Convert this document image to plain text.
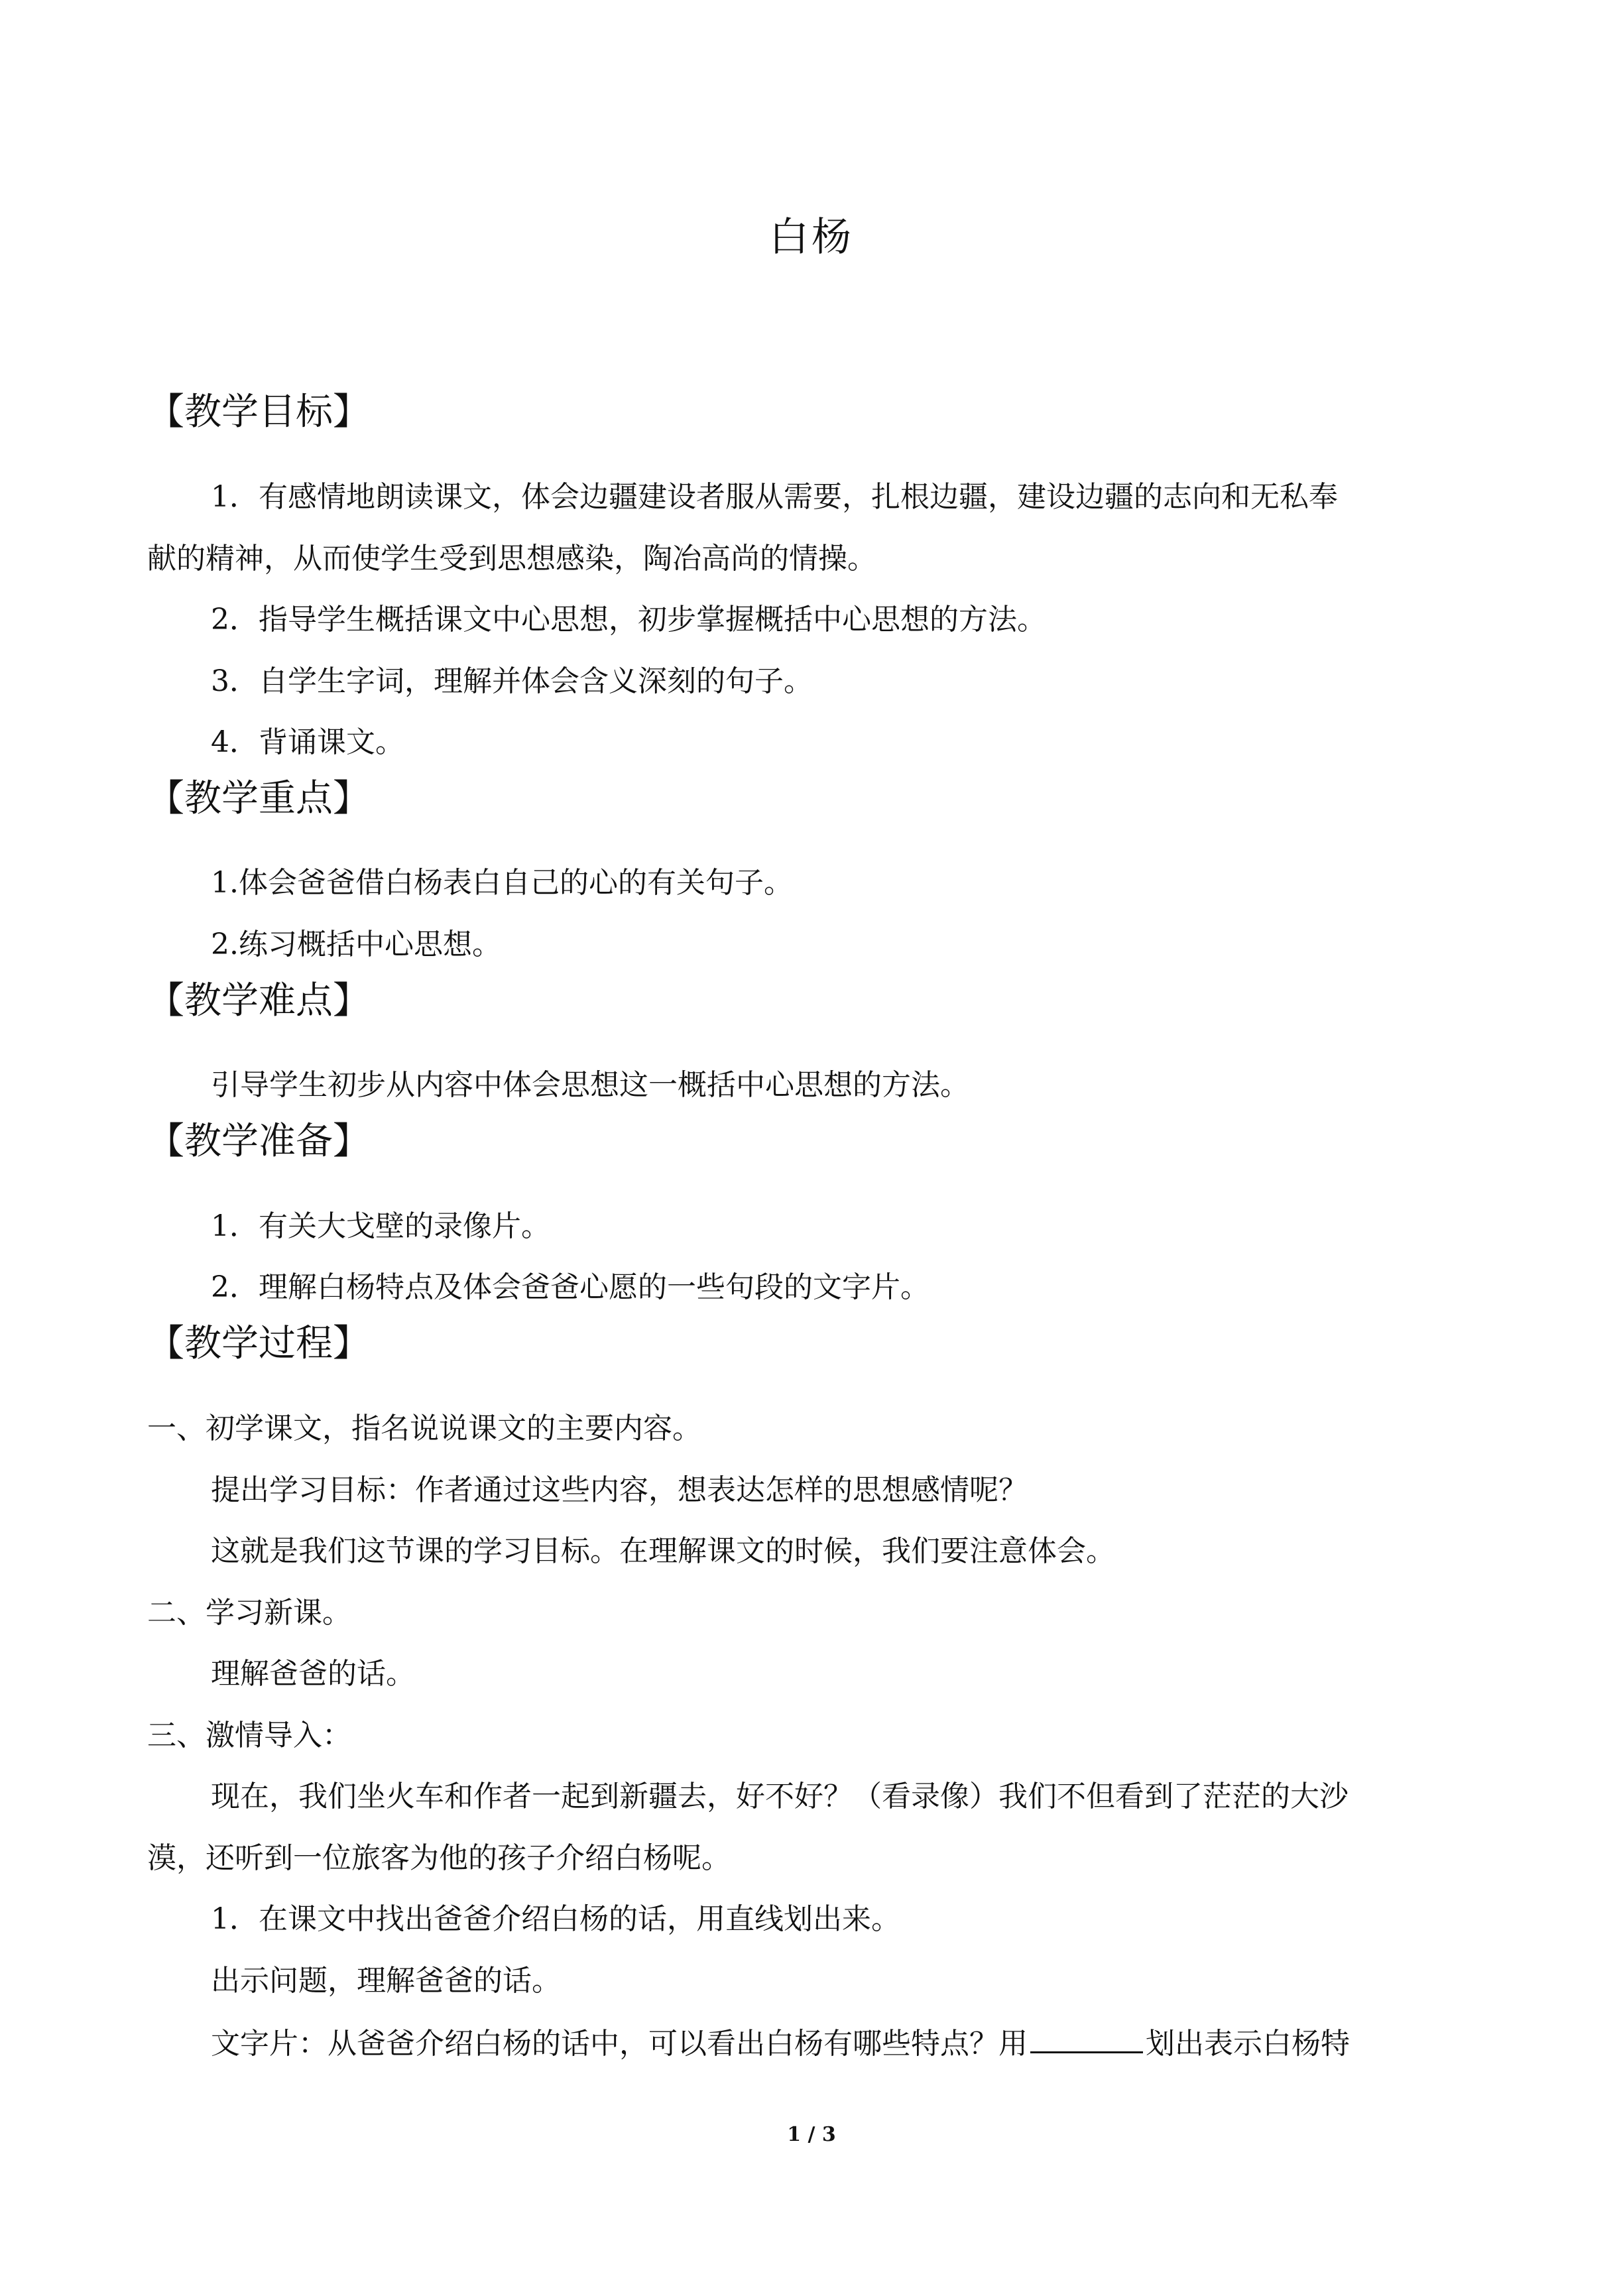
白杨
【教学目标】
1．有感情地朗读课文，体会边疆建设者服从需要，扎根边疆，建设边疆的志向和无私奉
献的精神，从而使学生受到思想感染，陶冶高尚的情操。
2．指导学生概括课文中心思想，初步掌握概括中心思想的方法。
3．自学生字词，理解并体会含义深刻的句子。
4．背诵课文。
【教学重点】
1.体会爸爸借白杨表白自己的心的有关句子。
2.练习概括中心思想。
【教学难点】
引导学生初步从内容中体会思想这一概括中心思想的方法。
【教学准备】
1．有关大戈壁的录像片。
2．理解白杨特点及体会爸爸心愿的一些句段的文字片。
【教学过程】
一、初学课文，指名说说课文的主要内容。
提出学习目标：作者通过这些内容，想表达怎样的思想感情呢？
这就是我们这节课的学习目标。在理解课文的时候，我们要注意体会。
二、学习新课。
理解爸爸的话。
三、激情导入：
现在，我们坐火车和作者一起到新疆去，好不好？（看录像）我们不但看到了茫茫的大沙
漠，还听到一位旅客为他的孩子介绍白杨呢。
1．在课文中找出爸爸介绍白杨的话，用直线划出来。
出示问题，理解爸爸的话。
文字片：从爸爸介绍白杨的话中，可以看出白杨有哪些特点？用	划出表示白杨特
1 / 3
